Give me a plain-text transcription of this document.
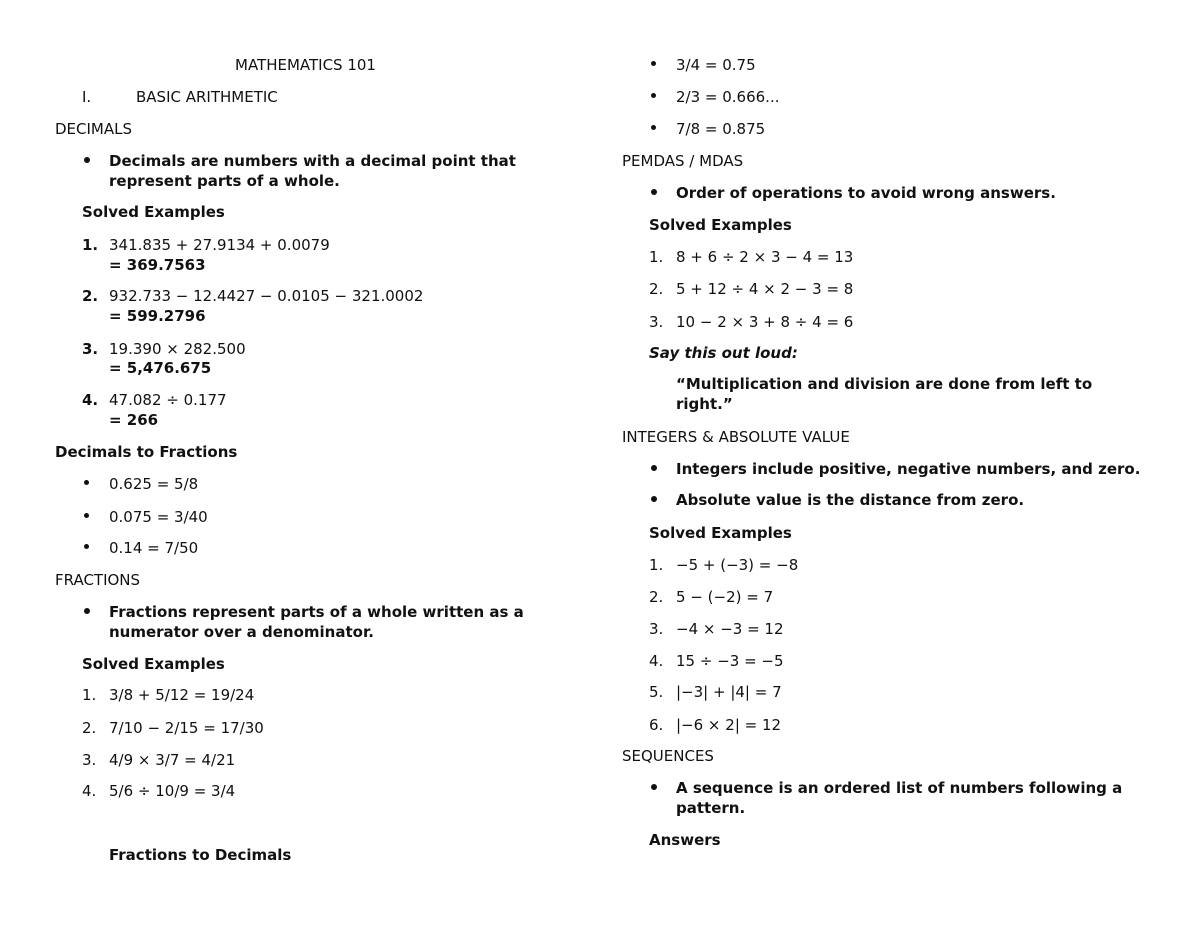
MATHEMATICS 101
I.	BASIC ARITHMETIC
DECIMALS
Decimals are numbers with a decimal point that represent parts of a whole.
Solved Examples
1. 341.835 + 27.9134 + 0.0079
= 369.7563
2. 932.733 − 12.4427 − 0.0105 − 321.0002
= 599.2796
3. 19.390 × 282.500
= 5,476.675
4. 47.082 ÷ 0.177
= 266
Decimals to Fractions
0.625 = 5/8
0.075 = 3/40
0.14 = 7/50
FRACTIONS
Fractions represent parts of a whole written as a numerator over a denominator.
Solved Examples
1. 3/8 + 5/12 = 19/24
2. 7/10 − 2/15 = 17/30
3. 4/9 × 3/7 = 4/21
4. 5/6 ÷ 10/9 = 3/4
Fractions to Decimals
3/4 = 0.75
2/3 = 0.666...
7/8 = 0.875
PEMDAS / MDAS
Order of operations to avoid wrong answers.
Solved Examples
1. 8 + 6 ÷ 2 × 3 − 4 = 13
2. 5 + 12 ÷ 4 × 2 − 3 = 8
3. 10 − 2 × 3 + 8 ÷ 4 = 6
Say this out loud:
“Multiplication and division are done from left to right.”
INTEGERS & ABSOLUTE VALUE
Integers include positive, negative numbers, and zero.
Absolute value is the distance from zero.
Solved Examples
1. −5 + (−3) = −8
2. 5 − (−2) = 7
3. −4 × −3 = 12
4. 15 ÷ −3 = −5
5. |−3| + |4| = 7
6. |−6 × 2| = 12
SEQUENCES
A sequence is an ordered list of numbers following a pattern.
Answers
